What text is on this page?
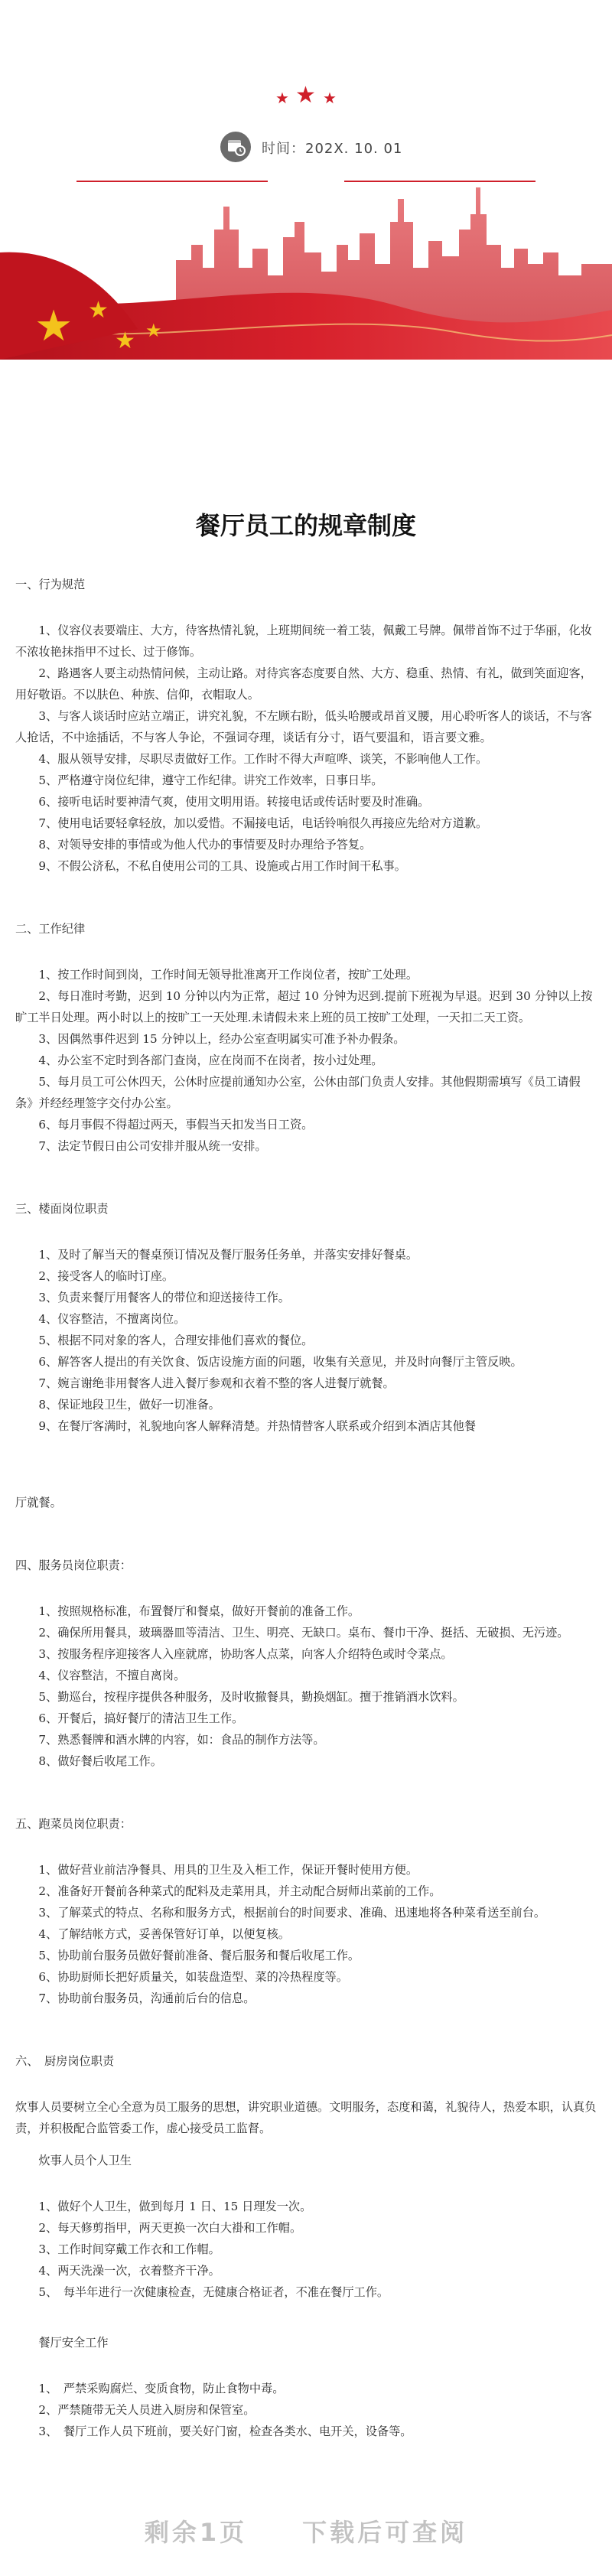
★ ★ ★
时间：202X. 10. 01
★ ★
★ ★
餐厅员工的规章制度

一、行为规范

1、仪容仪表要端庄、大方，待客热情礼貌，上班期间统一着工装，佩戴工号牌。佩带首饰不过于华丽，化妆不浓妆艳抹指甲不过长、过于修饰。

2、路遇客人要主动热情问候，主动让路。对待宾客态度要自然、大方、稳重、热情、有礼，做到笑面迎客，用好敬语。不以肤色、种族、信仰，衣帽取人。

3、与客人谈话时应站立端正，讲究礼貌，不左顾右盼，低头哈腰或昂首叉腰，用心聆听客人的谈话，不与客人抢话，不中途插话，不与客人争论，不强词夺理，谈话有分寸，语气要温和，语言要文雅。

4、服从领导安排，尽职尽责做好工作。工作时不得大声喧哗、谈笑，不影响他人工作。

5、严格遵守岗位纪律，遵守工作纪律。讲究工作效率，日事日毕。

6、接听电话时要神清气爽，使用文明用语。转接电话或传话时要及时准确。

7、使用电话要轻拿轻放，加以爱惜。不漏接电话，电话铃响很久再接应先给对方道歉。

8、对领导安排的事情或为他人代办的事情要及时办理给予答复。

9、不假公济私，不私自使用公司的工具、设施或占用工作时间干私事。

二、工作纪律

1、按工作时间到岗，工作时间无领导批准离开工作岗位者，按旷工处理。

2、每日准时考勤，迟到 10 分钟以内为正常，超过 10 分钟为迟到.提前下班视为早退。迟到 30 分钟以上按旷工半日处理。两小时以上的按旷工一天处理.未请假未来上班的员工按旷工处理，一天扣二天工资。

3、因偶然事件迟到 15 分钟以上，经办公室查明属实可准予补办假条。

4、办公室不定时到各部门查岗，应在岗而不在岗者，按小过处理。

5、每月员工可公休四天，公休时应提前通知办公室，公休由部门负责人安排。其他假期需填写《员工请假条》并经经理签字交付办公室。

6、每月事假不得超过两天，事假当天扣发当日工资。

7、法定节假日由公司安排并服从统一安排。

三、楼面岗位职责

1、及时了解当天的餐桌预订情况及餐厅服务任务单，并落实安排好餐桌。

2、接受客人的临时订座。

3、负责来餐厅用餐客人的带位和迎送接待工作。

4、仪容整洁，不擅离岗位。

5、根据不同对象的客人，合理安排他们喜欢的餐位。

6、解答客人提出的有关饮食、饭店设施方面的问题，收集有关意见，并及时向餐厅主管反映。

7、婉言谢绝非用餐客人进入餐厅参观和衣着不整的客人进餐厅就餐。

8、保证地段卫生，做好一切准备。

9、在餐厅客满时，礼貌地向客人解释清楚。并热情替客人联系或介绍到本酒店其他餐

厅就餐。

四、服务员岗位职责：

1、按照规格标准，布置餐厅和餐桌，做好开餐前的准备工作。

2、确保所用餐具，玻璃器皿等清洁、卫生、明亮、无缺口。桌布、餐巾干净、挺括、无破损、无污迹。

3、按服务程序迎接客人入座就席，协助客人点菜，向客人介绍特色或时令菜点。

4、仪容整洁，不擅自离岗。

5、勤巡台，按程序提供各种服务，及时收撤餐具，勤换烟缸。擅于推销酒水饮料。

6、开餐后，搞好餐厅的清洁卫生工作。

7、熟悉餐牌和酒水牌的内容，如：食品的制作方法等。

8、做好餐后收尾工作。

五、跑菜员岗位职责：

1、做好营业前洁净餐具、用具的卫生及入柜工作，保证开餐时使用方便。

2、准备好开餐前各种菜式的配料及走菜用具，并主动配合厨师出菜前的工作。

3、了解菜式的特点、名称和服务方式，根据前台的时间要求、准确、迅速地将各种菜肴送至前台。

4、了解结帐方式，妥善保管好订单，以便复核。

5、协助前台服务员做好餐前准备、餐后服务和餐后收尾工作。

6、协助厨师长把好质量关，如装盘造型、菜的冷热程度等。

7、协助前台服务员，沟通前后台的信息。

六、　厨房岗位职责

炊事人员要树立全心全意为员工服务的思想，讲究职业道德。文明服务，态度和蔼，礼貌待人，热爱本职，认真负责，并积极配合监管委工作，虚心接受员工监督。

炊事人员个人卫生

1、做好个人卫生，做到每月 1 日、15 日理发一次。

2、每天修剪指甲，两天更换一次白大褂和工作帽。

3、工作时间穿戴工作衣和工作帽。

4、两天洗澡一次，衣着整齐干净。

5、　每半年进行一次健康检查，无健康合格证者，不准在餐厅工作。

餐厅安全工作

1、　严禁采购腐烂、变质食物，防止食物中毒。

2、严禁随带无关人员进入厨房和保管室。

3、　餐厅工作人员下班前，要关好门窗，检查各类水、电开关，设备等。

剩余1页　　下载后可查阅
